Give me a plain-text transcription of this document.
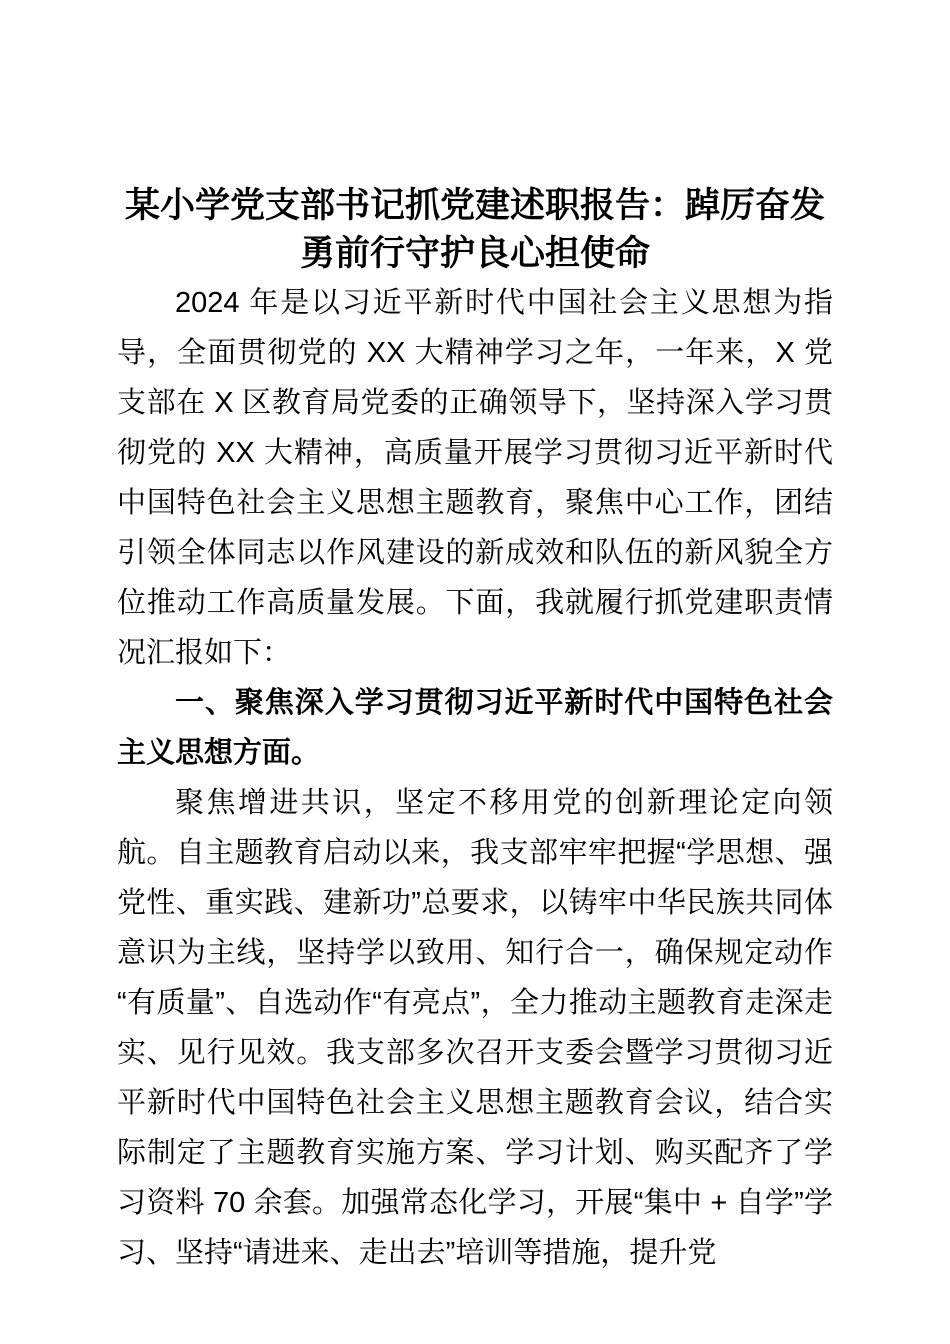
某小学党支部书记抓党建述职报告：踔厉奋发勇前行守护良心担使命

2024 年是以习近平新时代中国社会主义思想为指导，全面贯彻党的 XX 大精神学习之年，一年来，X 党支部在 X 区教育局党委的正确领导下，坚持深入学习贯彻党的 XX 大精神，高质量开展学习贯彻习近平新时代中国特色社会主义思想主题教育，聚焦中心工作，团结引领全体同志以作风建设的新成效和队伍的新风貌全方位推动工作高质量发展。下面，我就履行抓党建职责情况汇报如下：

一、聚焦深入学习贯彻习近平新时代中国特色社会主义思想方面。

聚焦增进共识，坚定不移用党的创新理论定向领航。自主题教育启动以来，我支部牢牢把握“学思想、强党性、重实践、建新功”总要求，以铸牢中华民族共同体意识为主线，坚持学以致用、知行合一，确保规定动作“有质量”、自选动作“有亮点”，全力推动主题教育走深走实、见行见效。我支部多次召开支委会暨学习贯彻习近平新时代中国特色社会主义思想主题教育会议，结合实际制定了主题教育实施方案、学习计划、购买配齐了学习资料 70 余套。加强常态化学习，开展“集中 + 自学”学习、坚持“请进来、走出去”培训等措施，提升党
